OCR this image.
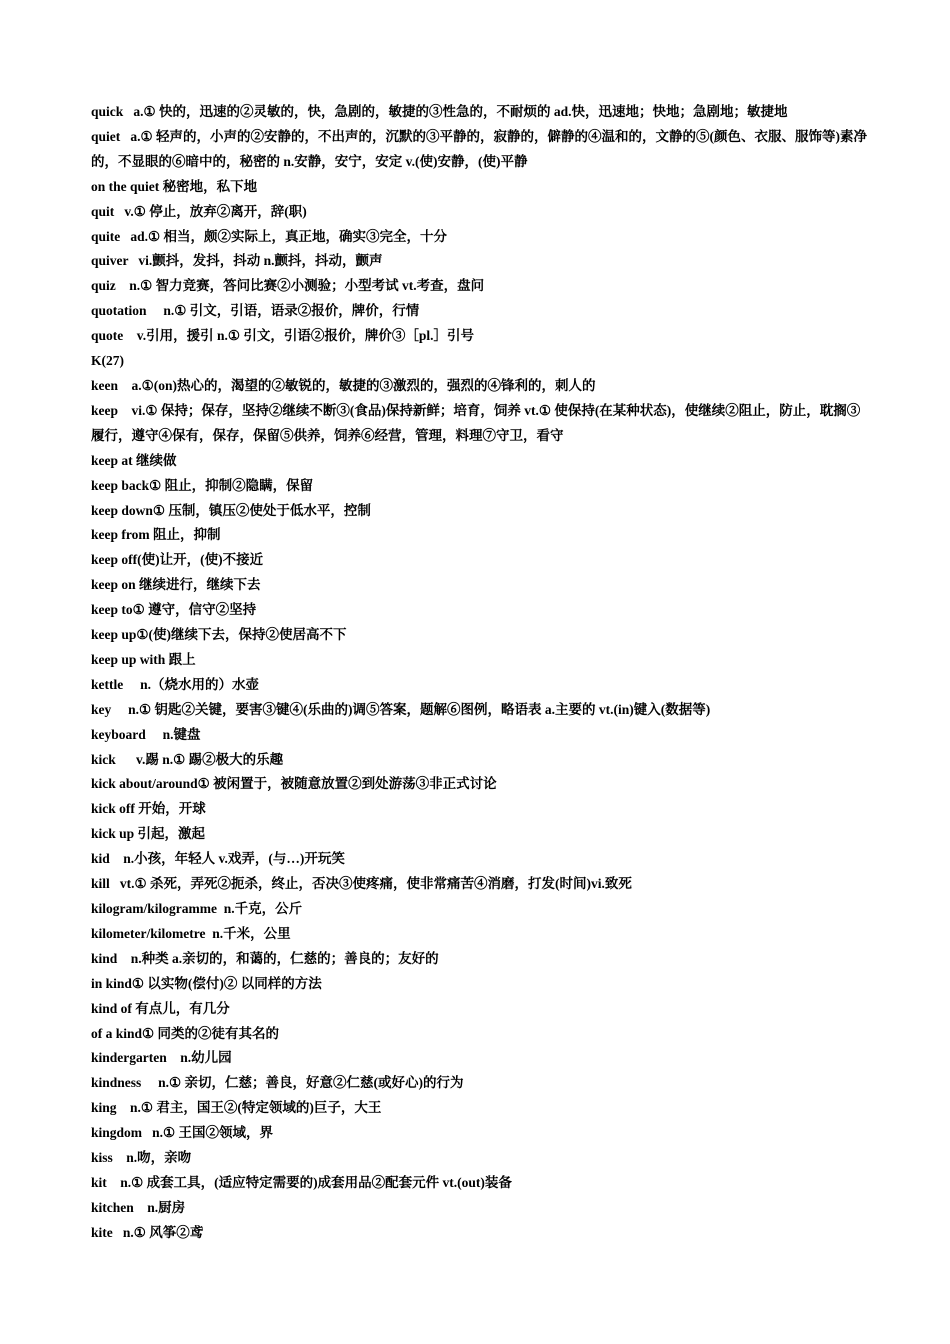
quick   a.① 快的，迅速的②灵敏的，快，急剧的，敏捷的③性急的，不耐烦的 ad.快，迅速地；快地；急剧地；敏捷地

quiet   a.① 轻声的，小声的②安静的，不出声的，沉默的③平静的，寂静的，僻静的④温和的，文静的⑤(颜色、衣服、服饰等)素净的，不显眼的⑥暗中的，秘密的 n.安静，安宁，安定 v.(使)安静，(使)平静

on the quiet 秘密地，私下地

quit   v.① 停止，放弃②离开，辞(职)

quite   ad.① 相当，颇②实际上，真正地，确实③完全，十分

quiver   vi.颤抖，发抖，抖动 n.颤抖，抖动，颤声

quiz    n.① 智力竞赛，答问比赛②小测验；小型考试 vt.考查，盘问

quotation     n.① 引文，引语，语录②报价，牌价，行情

quote    v.引用，援引 n.① 引文，引语②报价，牌价③［pl.］引号

K(27)

keen    a.①(on)热心的，渴望的②敏锐的，敏捷的③激烈的，强烈的④锋利的，刺人的

keep    vi.① 保持；保存，坚持②继续不断③(食品)保持新鲜；培育，饲养 vt.① 使保持(在某种状态)，使继续②阻止，防止，耽搁③履行，遵守④保有，保存，保留⑤供养，饲养⑥经营，管理，料理⑦守卫，看守

keep at 继续做

keep back① 阻止，抑制②隐瞒，保留

keep down① 压制，镇压②使处于低水平，控制

keep from 阻止，抑制

keep off(使)让开，(使)不接近

keep on 继续进行，继续下去

keep to① 遵守，信守②坚持

keep up①(使)继续下去，保持②使居高不下

keep up with 跟上

kettle     n.（烧水用的）水壶

key     n.① 钥匙②关键，要害③键④(乐曲的)调⑤答案，题解⑥图例，略语表 a.主要的 vt.(in)键入(数据等)

keyboard     n.键盘

kick      v.踢 n.① 踢②极大的乐趣

kick about/around① 被闲置于，被随意放置②到处游荡③非正式讨论

kick off 开始，开球

kick up 引起，激起

kid    n.小孩，年轻人 v.戏弄，(与…)开玩笑

kill   vt.① 杀死，弄死②扼杀，终止，否决③使疼痛，使非常痛苦④消磨，打发(时间)vi.致死

kilogram/kilogramme  n.千克，公斤

kilometer/kilometre  n.千米，公里

kind    n.种类 a.亲切的，和蔼的，仁慈的；善良的；友好的

in kind① 以实物(偿付)② 以同样的方法

kind of 有点儿，有几分

of a kind① 同类的②徒有其名的

kindergarten    n.幼儿园

kindness     n.① 亲切，仁慈；善良，好意②仁慈(或好心)的行为

king    n.① 君主，国王②(特定领域的)巨子，大王

kingdom   n.① 王国②领域，界

kiss    n.吻，亲吻

kit    n.① 成套工具，(适应特定需要的)成套用品②配套元件 vt.(out)装备

kitchen    n.厨房

kite   n.① 风筝②鸢
